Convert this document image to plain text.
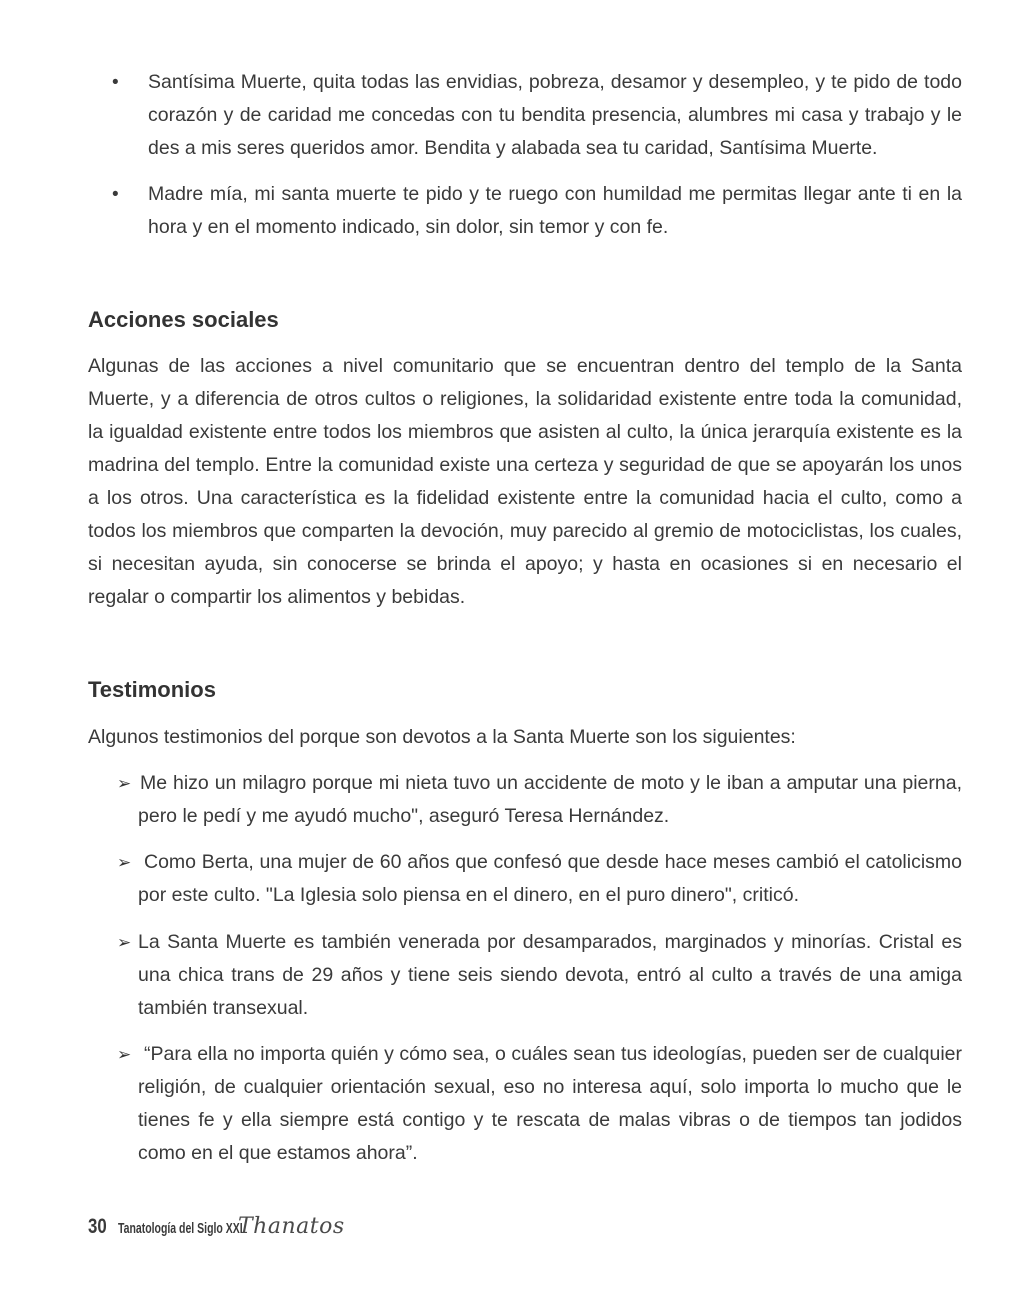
• Santísima Muerte, quita todas las envidias, pobreza, desamor y desempleo, y te pido de todo corazón y de caridad me concedas con tu bendita presencia, alumbres mi casa y trabajo y le des a mis seres queridos amor. Bendita y alabada sea tu caridad, Santísima Muerte.

• Madre mía, mi santa muerte te pido y te ruego con humildad me permitas llegar ante ti en la hora y en el momento indicado, sin dolor, sin temor y con fe.

Acciones sociales

Algunas de las acciones a nivel comunitario que se encuentran dentro del templo de la Santa Muerte, y a diferencia de otros cultos o religiones, la solidaridad existente entre toda la comunidad, la igualdad existente entre todos los miembros que asisten al culto, la única jerarquía existente es la madrina del templo. Entre la comunidad existe una certeza y seguridad de que se apoyarán los unos a los otros. Una característica es la fidelidad existente entre la comunidad hacia el culto, como a todos los miembros que comparten la devoción, muy parecido al gremio de motociclistas, los cuales, si necesitan ayuda, sin conocerse se brinda el apoyo; y hasta en ocasiones si en necesario el regalar o compartir los alimentos y bebidas.

Testimonios

Algunos testimonios del porque son devotos a la Santa Muerte son los siguientes:

➢ Me hizo un milagro porque mi nieta tuvo un accidente de moto y le iban a amputar una pierna, pero le pedí y me ayudó mucho", aseguró Teresa Hernández.

➢ Como Berta, una mujer de 60 años que confesó que desde hace meses cambió el catolicismo por este culto. "La Iglesia solo piensa en el dinero, en el puro dinero", criticó.

➢ La Santa Muerte es también venerada por desamparados, marginados y minorías. Cristal es una chica trans de 29 años y tiene seis siendo devota, entró al culto a través de una amiga también transexual.

➢ “Para ella no importa quién y cómo sea, o cuáles sean tus ideologías, pueden ser de cualquier religión, de cualquier orientación sexual, eso no interesa aquí, solo importa lo mucho que le tienes fe y ella siempre está contigo y te rescata de malas vibras o de tiempos tan jodidos como en el que estamos ahora”.

30 Tanatología del Siglo XXI
Thanatos
